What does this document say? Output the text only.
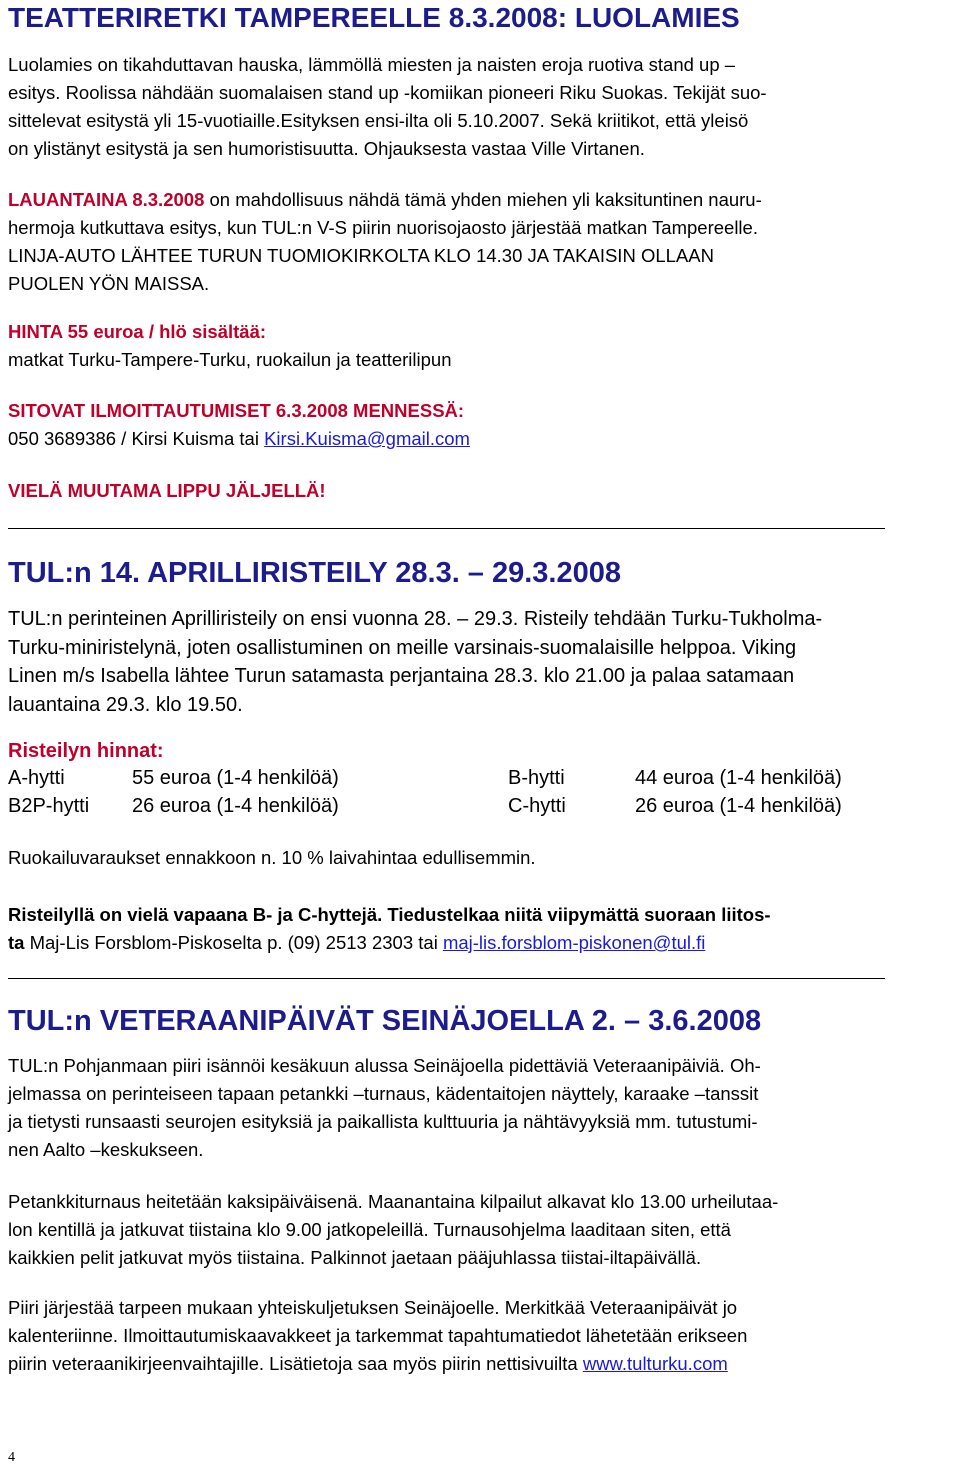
TEATTERIRETKI TAMPEREELLE 8.3.2008: LUOLAMIES
Luolamies on tikahduttavan hauska, lämmöllä miesten ja naisten eroja ruotiva stand up –
esitys. Roolissa nähdään suomalaisen stand up -komiikan pioneeri Riku Suokas. Tekijät suo-
sittelevat esitystä yli 15-vuotiaille.Esityksen ensi-ilta oli 5.10.2007. Sekä kriitikot, että yleisö
on ylistänyt esitystä ja sen humoristisuutta. Ohjauksesta vastaa Ville Virtanen.
LAUANTAINA 8.3.2008 on mahdollisuus nähdä tämä yhden miehen yli kaksituntinen nauru-
hermoja kutkuttava esitys, kun TUL:n V-S piirin nuorisojaosto järjestää matkan Tampereelle.
LINJA-AUTO LÄHTEE TURUN TUOMIOKIRKOLTA KLO 14.30 JA TAKAISIN OLLAAN
PUOLEN YÖN MAISSA.
HINTA 55 euroa / hlö sisältää:
matkat Turku-Tampere-Turku, ruokailun ja teatterilipun
SITOVAT ILMOITTAUTUMISET 6.3.2008 MENNESSÄ:
050 3689386 / Kirsi Kuisma tai Kirsi.Kuisma@gmail.com
VIELÄ MUUTAMA LIPPU JÄLJELLÄ!
TUL:n 14. APRILLIRISTEILY 28.3. – 29.3.2008
TUL:n perinteinen Aprilliristeily on ensi vuonna 28. – 29.3. Risteily tehdään Turku-Tukholma-
Turku-miniristelynä, joten osallistuminen on meille varsinais-suomalaisille helppoa. Viking
Linen m/s Isabella lähtee Turun satamasta perjantaina 28.3. klo 21.00 ja palaa satamaan
lauantaina 29.3. klo 19.50.
Risteilyn hinnat:
A-hytti	55 euroa (1-4 henkilöä)	B-hytti	44 euroa (1-4 henkilöä)
B2P-hytti 26 euroa (1-4 henkilöä)	C-hytti	26 euroa (1-4 henkilöä)
Ruokailuvaraukset ennakkoon n. 10 % laivahintaa edullisemmin.
Risteilyllä on vielä vapaana B- ja C-hyttejä. Tiedustelkaa niitä viipymättä suoraan liitos-
ta Maj-Lis Forsblom-Piskoselta p. (09) 2513 2303 tai maj-lis.forsblom-piskonen@tul.fi
TUL:n VETERAANIPÄIVÄT SEINÄJOELLA 2. – 3.6.2008
TUL:n Pohjanmaan piiri isännöi kesäkuun alussa Seinäjoella pidettäviä Veteraanipäiviä. Oh-
jelmassa on perinteiseen tapaan petankki –turnaus, kädentaitojen näyttely, karaake –tanssit
ja tietysti runsaasti seurojen esityksiä ja paikallista kulttuuria ja nähtävyyksiä mm. tutustumi-
nen Aalto –keskukseen.
Petankkiturnaus heitetään kaksipäiväisenä. Maanantaina kilpailut alkavat klo 13.00 urheilutaa-
lon kentillä ja jatkuvat tiistaina klo 9.00 jatkopeleillä. Turnausohjelma laaditaan siten, että
kaikkien pelit jatkuvat myös tiistaina. Palkinnot jaetaan pääjuhlassa tiistai-iltapäivällä.
Piiri järjestää tarpeen mukaan yhteiskuljetuksen Seinäjoelle. Merkitkää Veteraanipäivät jo
kalenteriinne. Ilmoittautumiskaavakkeet ja tarkemmat tapahtumatiedot lähetetään erikseen
piirin veteraanikirjeenvaihtajille. Lisätietoja saa myös piirin nettisivuilta www.tulturku.com
4
